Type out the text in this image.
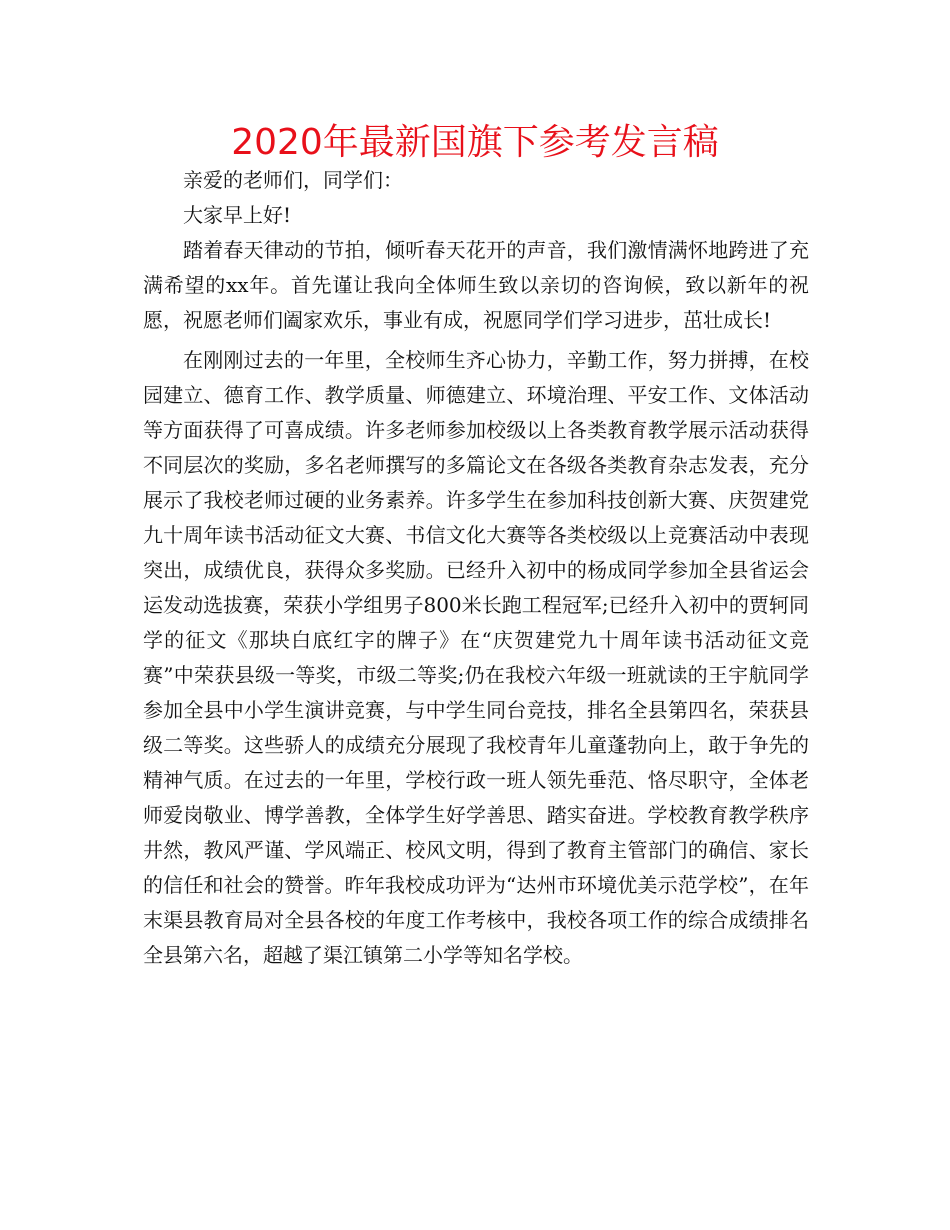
2020年最新国旗下参考发言稿

亲爱的老师们，同学们：

大家早上好!

踏着春天律动的节拍，倾听春天花开的声音，我们激情满怀地跨进了充满希望的xx年。首先谨让我向全体师生致以亲切的咨询候，致以新年的祝愿，祝愿老师们阖家欢乐，事业有成，祝愿同学们学习进步，茁壮成长!

在刚刚过去的一年里，全校师生齐心协力，辛勤工作，努力拼搏，在校园建立、德育工作、教学质量、师德建立、环境治理、平安工作、文体活动等方面获得了可喜成绩。许多老师参加校级以上各类教育教学展示活动获得不同层次的奖励，多名老师撰写的多篇论文在各级各类教育杂志发表，充分展示了我校老师过硬的业务素养。许多学生在参加科技创新大赛、庆贺建党九十周年读书活动征文大赛、书信文化大赛等各类校级以上竞赛活动中表现突出，成绩优良，获得众多奖励。已经升入初中的杨成同学参加全县省运会运发动选拔赛，荣获小学组男子800米长跑工程冠军;已经升入初中的贾轲同学的征文《那块白底红字的牌子》在“庆贺建党九十周年读书活动征文竞赛”中荣获县级一等奖，市级二等奖;仍在我校六年级一班就读的王宇航同学参加全县中小学生演讲竞赛，与中学生同台竞技，排名全县第四名，荣获县级二等奖。这些骄人的成绩充分展现了我校青年儿童蓬勃向上，敢于争先的精神气质。在过去的一年里，学校行政一班人领先垂范、恪尽职守，全体老师爱岗敬业、博学善教，全体学生好学善思、踏实奋进。学校教育教学秩序井然，教风严谨、学风端正、校风文明，得到了教育主管部门的确信、家长的信任和社会的赞誉。昨年我校成功评为“达州市环境优美示范学校”，在年末渠县教育局对全县各校的年度工作考核中，我校各项工作的综合成绩排名全县第六名，超越了渠江镇第二小学等知名学校。
